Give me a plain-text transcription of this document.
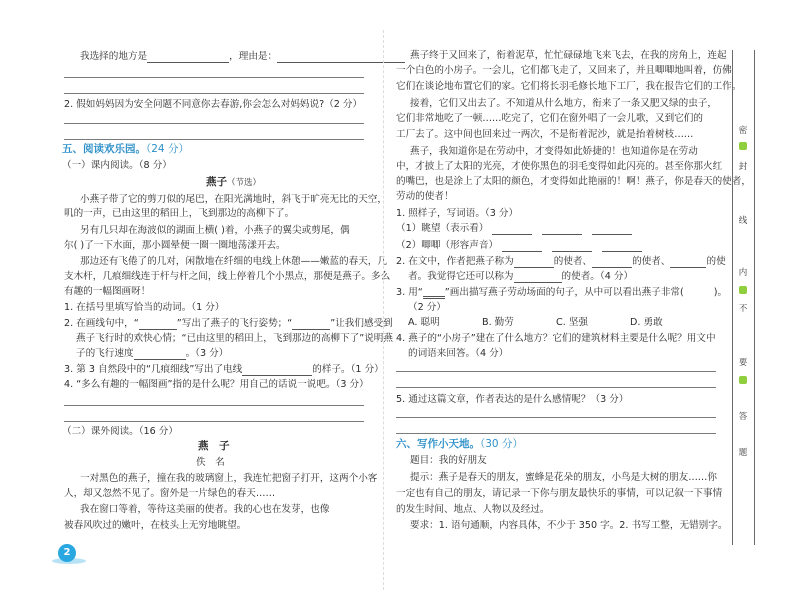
我选择的地方是	，理由是：
2. 假如妈妈因为安全问题不同意你去春游,你会怎么对妈妈说?（2 分）
五、阅读欢乐园。（24 分）
（一）课内阅读。（8 分）
燕子（节选）
小燕子带了它的剪刀似的尾巴，在阳光满地时，斜飞于旷亮无比的天空，
叽的一声，已由这里的稻田上，飞到那边的高柳下了。
另有几只却在海波似的湖面上横( )着，小燕子的翼尖或剪尾，偶
尔( )了一下水面，那小圆晕便一圈一圈地荡漾开去。
那边还有飞倦了的几对，闲散地在纤细的电线上休憩——嫩蓝的春天，几
支木杆，几痕细线连于杆与杆之间，线上停着几个小黑点，那便是燕子。多么
有趣的一幅图画呀！
1. 在括号里填写恰当的动词。（1 分）
2. 在画线句中，“	”写出了燕子的飞行姿势；“	”让我们感受到
燕子飞行时的欢快心情；“已由这里的稻田上，飞到那边的高柳下了”说明燕
子的飞行速度	。（3 分）
3. 第 3 自然段中的“几痕细线”写出了电线	的样子。（1 分）
4. “多么有趣的一幅图画”指的是什么呢？用自己的话说一说吧。（3 分）
（二）课外阅读。（16 分）
燕　子
佚　名
一对黑色的燕子，撞在我的玻璃窗上，我连忙把窗子打开，这两个小客
人，却又忽然不见了。窗外是一片绿色的春天……
我在窗口等着，等待这美丽的使者。我的心也在发芽，也像
被春风吹过的嫩叶，在枝头上无穷地眺望。
2
燕子终于又回来了，衔着泥草，忙忙碌碌地飞来飞去，在我的房角上，连起
一个白色的小房子。一会儿，它们都飞走了，又回来了，并且唧唧地叫着，仿佛
它们在谈论地布置它们的家。它们将长羽毛修长地下工厂，我在报告它们的工作。
接着，它们又出去了。不知道从什么地方，衔来了一条又肥又绿的虫子，
它们非常地吃了一顿……吃完了，它们在窗外唱了一会儿歌，又到它们的
工厂去了。这中间也回来过一两次，不是衔着泥沙，就是抬着树枝……
燕子，我知道你是在劳动中，才变得如此娇捷的！也知道你是在劳动
中，才披上了太阳的光亮，才使你黑色的羽毛变得如此闪亮的。甚至你那火红
的嘴巴，也是涂上了太阳的颜色，才变得如此艳丽的！啊！燕子，你是春天的使者，
劳动的使者！
1. 照样子，写词语。（3 分）
（1）眺望（表示看）
（2）唧唧（形容声音）
2. 在文中，作者把燕子称为	的使者、	的使者、	的使
者。我觉得它还可以称为	的使者。（4 分）
3. 用“ ”画出描写燕子劳动场面的句子，从中可以看出燕子非常(	)。
（2 分）
A. 聪明	B. 勤劳	C. 坚强	D. 勇敢
4. 燕子的“小房子”建在了什么地方？它们的建筑材料主要是什么呢？用文中
的词语来回答。（4 分）
5. 通过这篇文章，作者表达的是什么感情呢？（3 分）
六、写作小天地。（30 分）
题目：我的好朋友
提示：燕子是春天的朋友，蜜蜂是花朵的朋友，小鸟是大树的朋友……你
一定也有自己的朋友，请记录一下你与朋友最快乐的事情，可以记叙一下事情
的发生时间、地点、人物以及经过。
要求：1. 语句通顺，内容具体，不少于 350 字。2. 书写工整，无错别字。
密
封
线
内
不
要
答
题
